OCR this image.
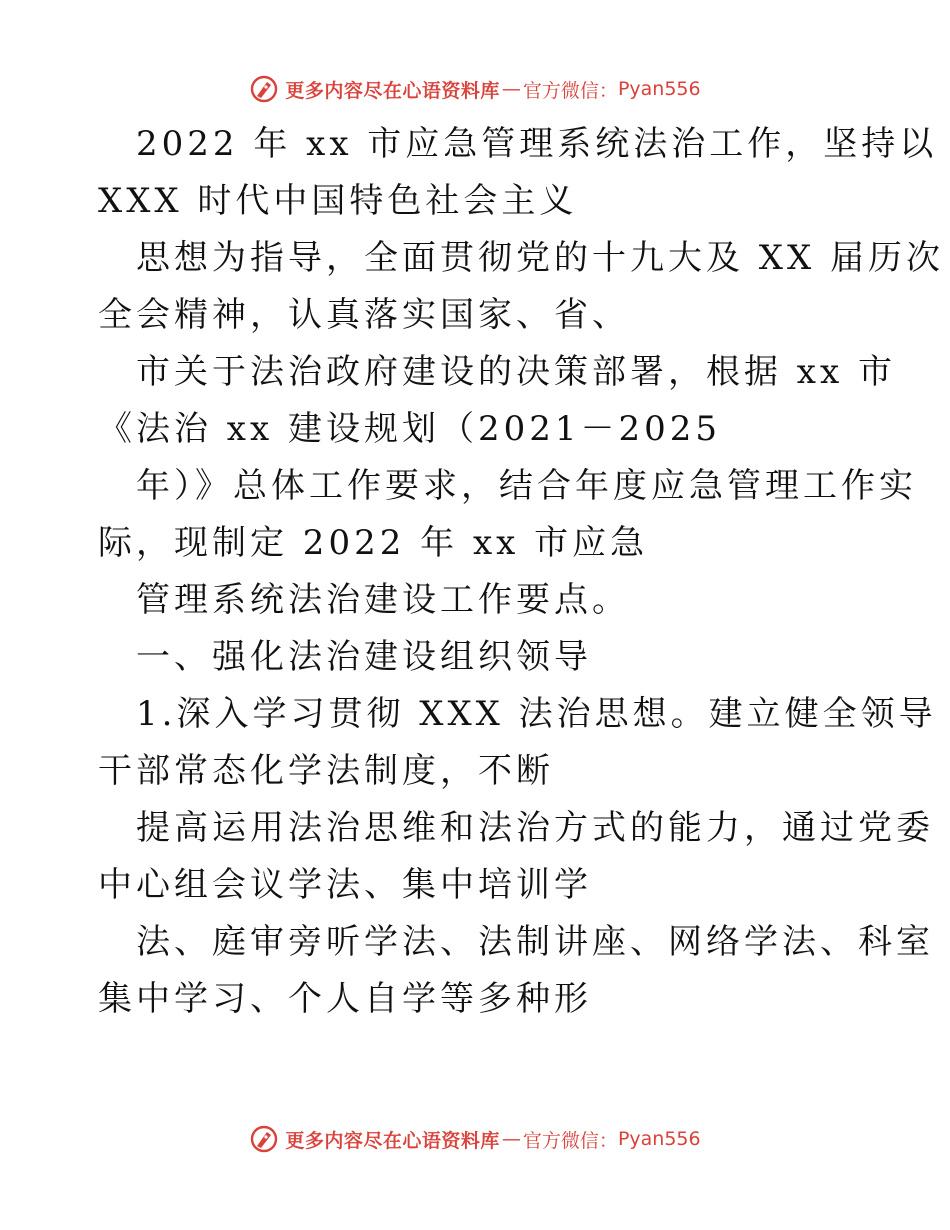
更多内容尽在心语资料库 — 官方微信： Pyan556
2022 年 xx 市应急管理系统法治工作，坚持以
XXX 时代中国特色社会主义
思想为指导，全面贯彻党的十九大及 XX 届历次
全会精神，认真落实国家、省、
市关于法治政府建设的决策部署，根据 xx 市
《法治 xx 建设规划（2021－2025
年）》总体工作要求，结合年度应急管理工作实
际，现制定 2022 年 xx 市应急
管理系统法治建设工作要点。
一、强化法治建设组织领导
1.深入学习贯彻 XXX 法治思想。建立健全领导
干部常态化学法制度，不断
提高运用法治思维和法治方式的能力，通过党委
中心组会议学法、集中培训学
法、庭审旁听学法、法制讲座、网络学法、科室
集中学习、个人自学等多种形
更多内容尽在心语资料库 — 官方微信： Pyan556
